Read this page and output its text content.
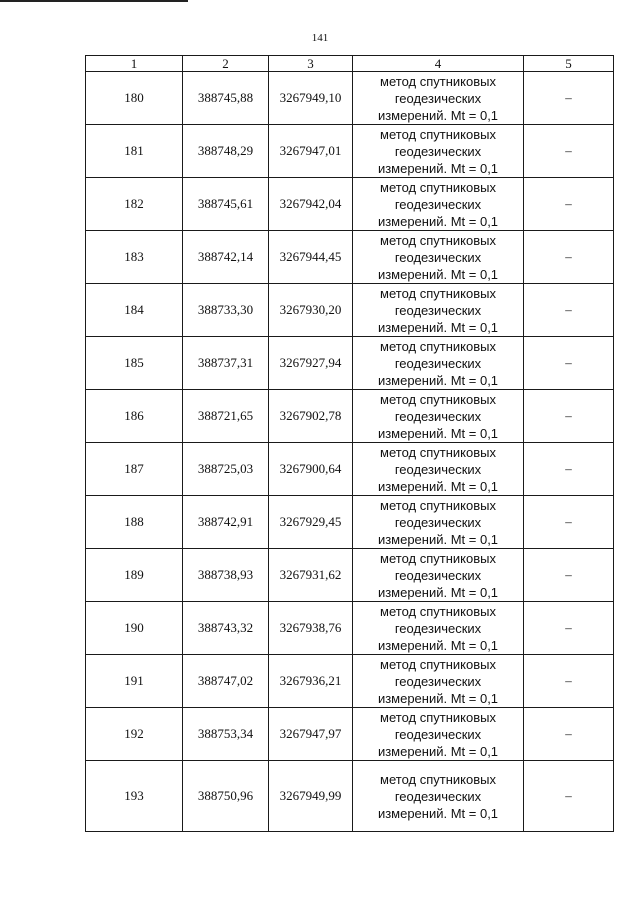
141
1	2	3	4	5
180	388745,88	3267949,10	метод спутниковых
геодезических
измерений. Mt = 0,1	–
181	388748,29	3267947,01	метод спутниковых
геодезических
измерений. Mt = 0,1	–
182	388745,61	3267942,04	метод спутниковых
геодезических
измерений. Mt = 0,1	–
183	388742,14	3267944,45	метод спутниковых
геодезических
измерений. Mt = 0,1	–
184	388733,30	3267930,20	метод спутниковых
геодезических
измерений. Mt = 0,1	–
185	388737,31	3267927,94	метод спутниковых
геодезических
измерений. Mt = 0,1	–
186	388721,65	3267902,78	метод спутниковых
геодезических
измерений. Mt = 0,1	–
187	388725,03	3267900,64	метод спутниковых
геодезических
измерений. Mt = 0,1	–
188	388742,91	3267929,45	метод спутниковых
геодезических
измерений. Mt = 0,1	–
189	388738,93	3267931,62	метод спутниковых
геодезических
измерений. Mt = 0,1	–
190	388743,32	3267938,76	метод спутниковых
геодезических
измерений. Mt = 0,1	–
191	388747,02	3267936,21	метод спутниковых
геодезических
измерений. Mt = 0,1	–
192	388753,34	3267947,97	метод спутниковых
геодезических
измерений. Mt = 0,1	–
193	388750,96	3267949,99	метод спутниковых
геодезических
измерений. Mt = 0,1	–
